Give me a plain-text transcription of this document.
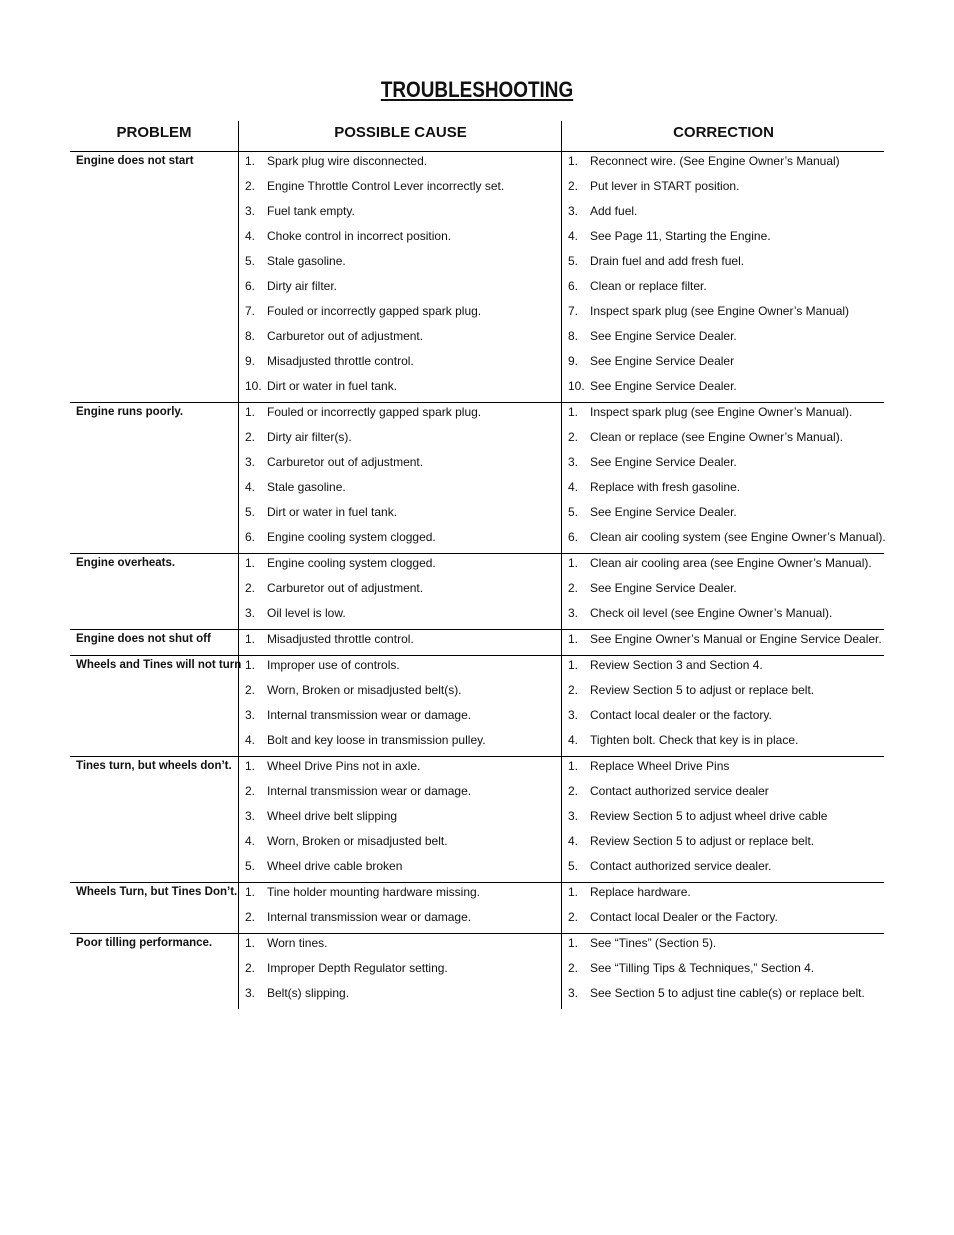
TROUBLESHOOTING
PROBLEM	POSSIBLE CAUSE	CORRECTION
Engine does not start	1. Spark plug wire disconnected.	1. Reconnect wire. (See Engine Owner’s Manual)
2. Engine Throttle Control Lever incorrectly set.	2. Put lever in START position.
3. Fuel tank empty.	3. Add fuel.
4. Choke control in incorrect position.	4. See Page 11, Starting the Engine.
5. Stale gasoline.	5. Drain fuel and add fresh fuel.
6. Dirty air filter.	6. Clean or replace filter.
7. Fouled or incorrectly gapped spark plug.	7. Inspect spark plug (see Engine Owner’s Manual)
8. Carburetor out of adjustment.	8. See Engine Service Dealer.
9. Misadjusted throttle control.	9. See Engine Service Dealer
10. Dirt or water in fuel tank.	10. See Engine Service Dealer.
Engine runs poorly.	1. Fouled or incorrectly gapped spark plug.	1. Inspect spark plug (see Engine Owner’s Manual).
2. Dirty air filter(s).	2. Clean or replace (see Engine Owner’s Manual).
3. Carburetor out of adjustment.	3. See Engine Service Dealer.
4. Stale gasoline.	4. Replace with fresh gasoline.
5. Dirt or water in fuel tank.	5. See Engine Service Dealer.
6. Engine cooling system clogged.	6. Clean air cooling system (see Engine Owner’s Manual).
Engine overheats.	1. Engine cooling system clogged.	1. Clean air cooling area (see Engine Owner’s Manual).
2. Carburetor out of adjustment.	2. See Engine Service Dealer.
3. Oil level is low.	3. Check oil level (see Engine Owner’s Manual).
Engine does not shut off	1. Misadjusted throttle control.	1. See Engine Owner’s Manual or Engine Service Dealer.
Wheels and Tines will not turn 1. Improper use of controls.	1. Review Section 3 and Section 4.
2. Worn, Broken or misadjusted belt(s).	2. Review Section 5 to adjust or replace belt.
3. Internal transmission wear or damage.	3. Contact local dealer or the factory.
4. Bolt and key loose in transmission pulley.	4. Tighten bolt. Check that key is in place.
Tines turn, but wheels don’t.	1. Wheel Drive Pins not in axle.	1. Replace Wheel Drive Pins
2. Internal transmission wear or damage.	2. Contact authorized service dealer
3. Wheel drive belt slipping	3. Review Section 5 to adjust wheel drive cable
4. Worn, Broken or misadjusted belt.	4. Review Section 5 to adjust or replace belt.
5. Wheel drive cable broken	5. Contact authorized service dealer.
Wheels Turn, but Tines Don’t. 1. Tine holder mounting hardware missing.	1. Replace hardware.
2. Internal transmission wear or damage.	2. Contact local Dealer or the Factory.
Poor tilling performance.	1. Worn tines.	1. See “Tines” (Section 5).
2. Improper Depth Regulator setting.	2. See “Tilling Tips & Techniques,” Section 4.
3. Belt(s) slipping.	3. See Section 5 to adjust tine cable(s) or replace belt.
